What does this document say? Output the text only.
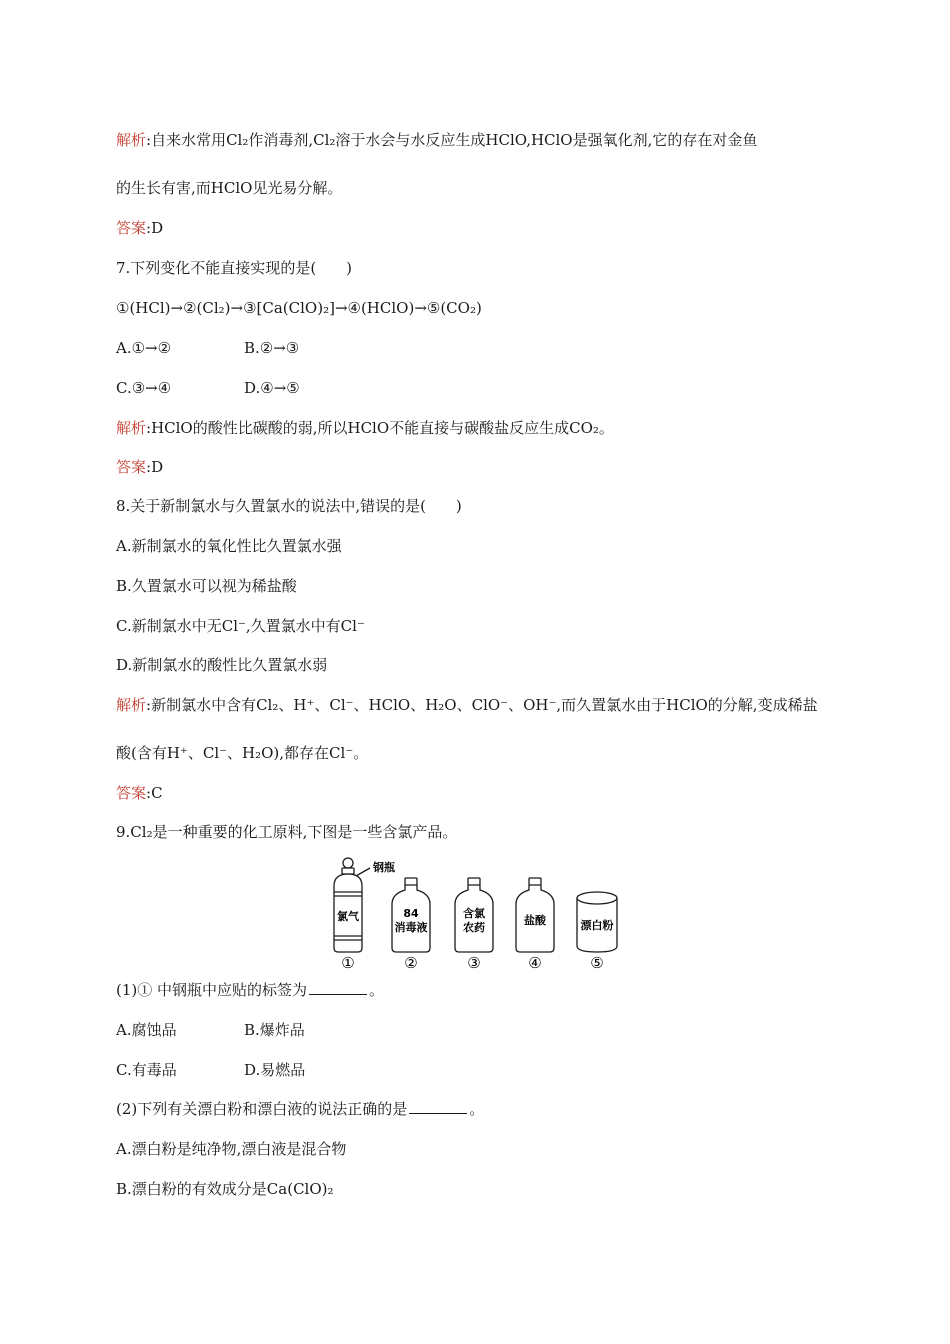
解析:自来水常用Cl₂作消毒剂,Cl₂溶于水会与水反应生成HClO,HClO是强氧化剂,它的存在对金鱼
的生长有害,而HClO见光易分解。
答案:D
7.下列变化不能直接实现的是(　　)
①(HCl)→②(Cl₂)→③[Ca(ClO)₂]→④(HClO)→⑤(CO₂)
A.①→②	B.②→③
C.③→④	D.④→⑤
解析:HClO的酸性比碳酸的弱,所以HClO不能直接与碳酸盐反应生成CO₂。
答案:D
8.关于新制氯水与久置氯水的说法中,错误的是(　　)
A.新制氯水的氧化性比久置氯水强
B.久置氯水可以视为稀盐酸
C.新制氯水中无Cl⁻,久置氯水中有Cl⁻
D.新制氯水的酸性比久置氯水弱
解析:新制氯水中含有Cl₂、H⁺、Cl⁻、HClO、H₂O、ClO⁻、OH⁻,而久置氯水由于HClO的分解,变成稀盐
酸(含有H⁺、Cl⁻、H₂O),都存在Cl⁻。
答案:C
9.Cl₂是一种重要的化工原料,下图是一些含氯产品。
钢瓶
氯气
①
84
消毒液
②
含氯
农药
③
盐酸
④
漂白粉
⑤
(1)① 中钢瓶中应贴的标签为	。
A.腐蚀品	B.爆炸品
C.有毒品	D.易燃品
(2)下列有关漂白粉和漂白液的说法正确的是	。
A.漂白粉是纯净物,漂白液是混合物
B.漂白粉的有效成分是Ca(ClO)₂
